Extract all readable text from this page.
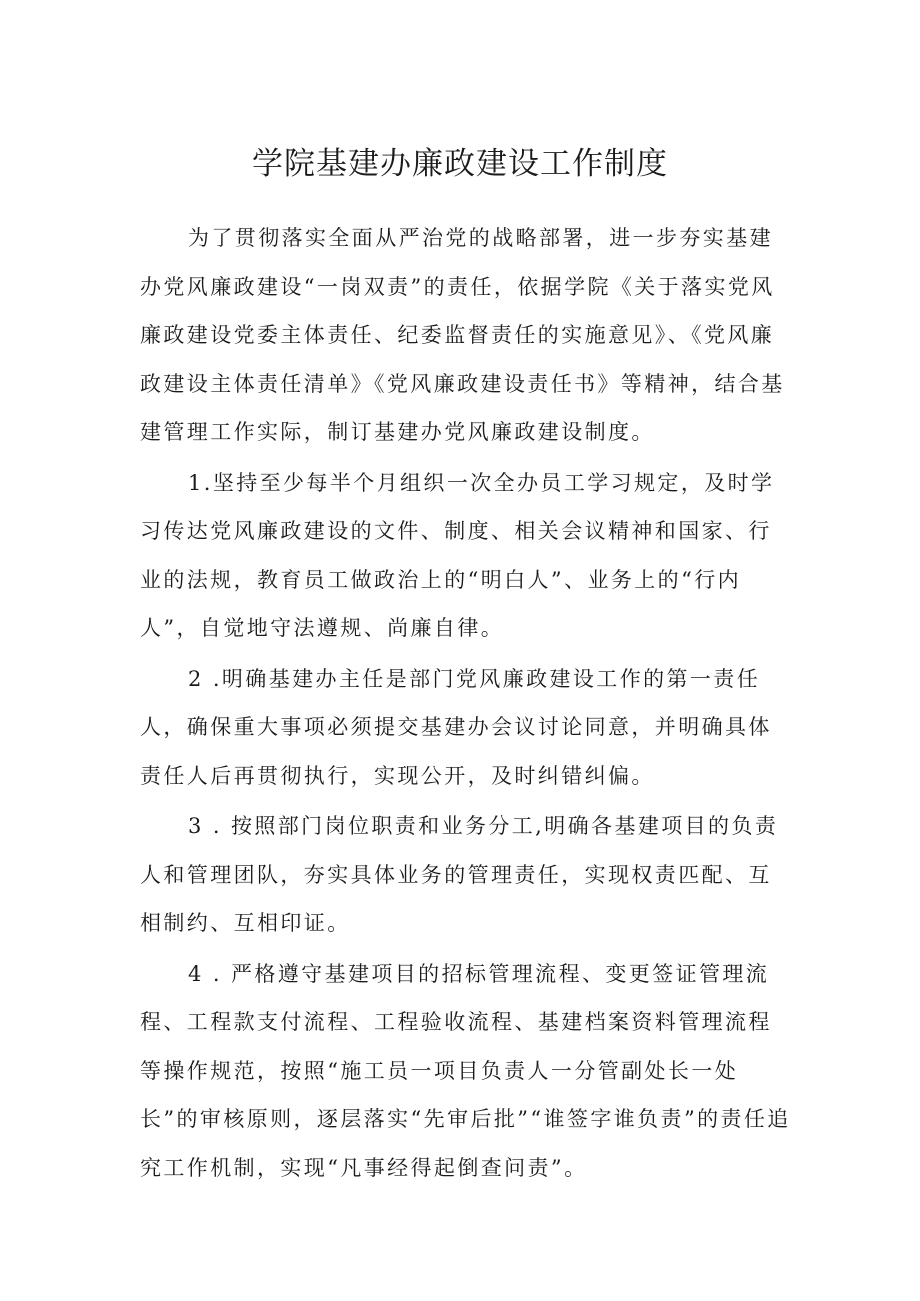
学院基建办廉政建设工作制度

为了贯彻落实全面从严治党的战略部署，进一步夯实基建办党风廉政建设“一岗双责”的责任，依据学院《关于落实党风廉政建设党委主体责任、纪委监督责任的实施意见》、《党风廉政建设主体责任清单》《党风廉政建设责任书》等精神，结合基建管理工作实际，制订基建办党风廉政建设制度。

1.坚持至少每半个月组织一次全办员工学习规定，及时学习传达党风廉政建设的文件、制度、相关会议精神和国家、行业的法规，教育员工做政治上的“明白人”、业务上的“行内人”，自觉地守法遵规、尚廉自律。

2 .明确基建办主任是部门党风廉政建设工作的第一责任人，确保重大事项必须提交基建办会议讨论同意，并明确具体责任人后再贯彻执行，实现公开，及时纠错纠偏。

3 . 按照部门岗位职责和业务分工,明确各基建项目的负责人和管理团队，夯实具体业务的管理责任，实现权责匹配、互相制约、互相印证。

4 . 严格遵守基建项目的招标管理流程、变更签证管理流程、工程款支付流程、工程验收流程、基建档案资料管理流程等操作规范，按照“施工员一项目负责人一分管副处长一处长”的审核原则，逐层落实“先审后批”“谁签字谁负责”的责任追究工作机制，实现“凡事经得起倒查问责”。
